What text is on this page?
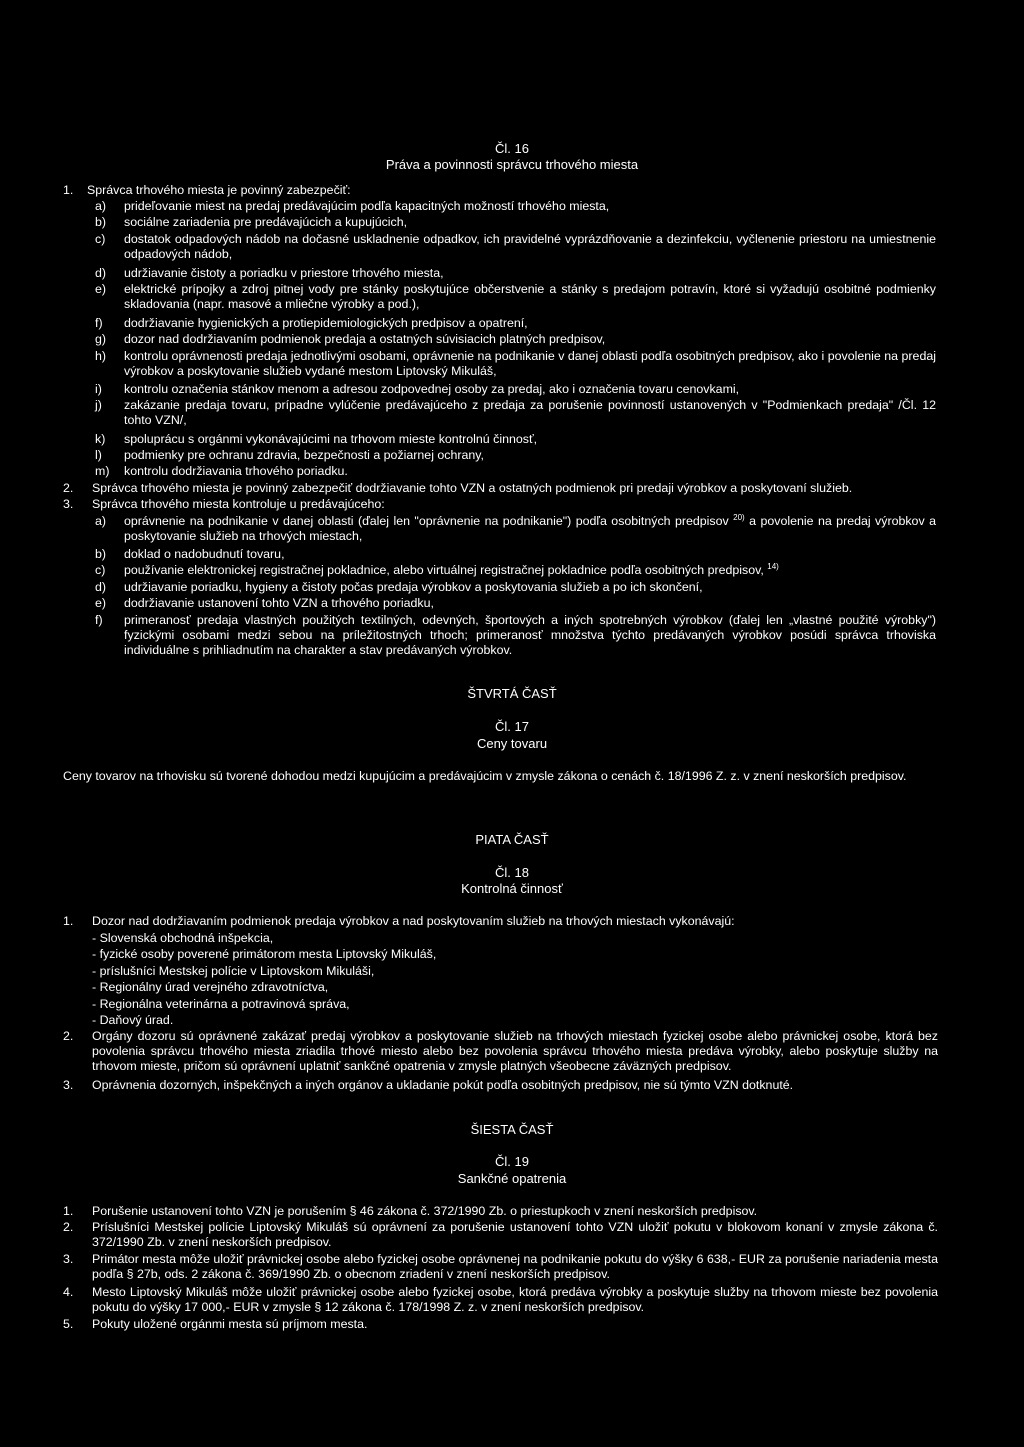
Čl. 16
Práva a povinnosti správcu trhového miesta
1. Správca trhového miesta je povinný zabezpečiť:
a) prideľovanie miest na predaj predávajúcim podľa kapacitných možností trhového miesta,
b) sociálne zariadenia pre predávajúcich a kupujúcich,
c) dostatok odpadových nádob na dočasné uskladnenie odpadkov, ich pravidelné vyprázdňovanie a dezinfekciu, vyčlenenie priestoru na umiestnenie odpadových nádob,
d) udržiavanie čistoty a poriadku v priestore trhového miesta,
e) elektrické prípojky a zdroj pitnej vody pre stánky poskytujúce občerstvenie a stánky s predajom potravín, ktoré si vyžadujú osobitné podmienky skladovania (napr. masové a mliečne výrobky a pod.),
f) dodržiavanie hygienických a protiepidemiologických predpisov a opatrení,
g) dozor nad dodržiavaním podmienok predaja a ostatných súvisiacich platných predpisov,
h) kontrolu oprávnenosti predaja jednotlivými osobami, oprávnenie na podnikanie v danej oblasti podľa osobitných predpisov, ako i povolenie na predaj výrobkov a poskytovanie služieb vydané mestom Liptovský Mikuláš,
i) kontrolu označenia stánkov menom a adresou zodpovednej osoby za predaj, ako i označenia tovaru cenovkami,
j) zakázanie predaja tovaru, prípadne vylúčenie predávajúceho z predaja za porušenie povinností ustanovených v "Podmienkach predaja" /Čl. 12 tohto VZN/,
k) spoluprácu s orgánmi vykonávajúcimi na trhovom mieste kontrolnú činnosť,
l) podmienky pre ochranu zdravia, bezpečnosti a požiarnej ochrany,
m) kontrolu dodržiavania trhového poriadku.
2. Správca trhového miesta je povinný zabezpečiť dodržiavanie tohto VZN a ostatných podmienok pri predaji výrobkov a poskytovaní služieb.
3. Správca trhového miesta kontroluje u predávajúceho:
a) oprávnenie na podnikanie v danej oblasti (ďalej len "oprávnenie na podnikanie") podľa osobitných predpisov $^{20)}$ a povolenie na predaj výrobkov a poskytovanie služieb na trhových miestach,
b) doklad o nadobudnutí tovaru,
c) používanie elektronickej registračnej pokladnice, alebo virtuálnej registračnej pokladnice podľa osobitných predpisov, $^{14)}$
d) udržiavanie poriadku, hygieny a čistoty počas predaja výrobkov a poskytovania služieb a po ich skončení,
e) dodržiavanie ustanovení tohto VZN a trhového poriadku,
f) primeranosť predaja vlastných použitých textilných, odevných, športových a iných spotrebných výrobkov (ďalej len „vlastné použité výrobky") fyzickými osobami medzi sebou na príležitostných trhoch; primeranosť množstva týchto predávaných výrobkov posúdi správca trhoviska individuálne s prihliadnutím na charakter a stav predávaných výrobkov.
ŠTVRTÁ ČASŤ
Čl. 17
Ceny tovaru
Ceny tovarov na trhovisku sú tvorené dohodou medzi kupujúcim a predávajúcim v zmysle zákona o cenách č. 18/1996 Z. z. v znení neskorších predpisov.
PIATA ČASŤ
Čl. 18
Kontrolná činnosť
1. Dozor nad dodržiavaním podmienok predaja výrobkov a nad poskytovaním služieb na trhových miestach vykonávajú:
- Slovenská obchodná inšpekcia,
- fyzické osoby poverené primátorom mesta Liptovský Mikuláš,
- príslušníci Mestskej polície v Liptovskom Mikuláši,
- Regionálny úrad verejného zdravotníctva,
- Regionálna veterinárna a potravinová správa,
- Daňový úrad.
2. Orgány dozoru sú oprávnené zakázať predaj výrobkov a poskytovanie služieb na trhových miestach fyzickej osobe alebo právnickej osobe, ktorá bez povolenia správcu trhového miesta zriadila trhové miesto alebo bez povolenia správcu trhového miesta predáva výrobky, alebo poskytuje služby na trhovom mieste, pričom sú oprávnení uplatniť sankčné opatrenia v zmysle platných všeobecne záväzných predpisov.
3. Oprávnenia dozorných, inšpekčných a iných orgánov a ukladanie pokút podľa osobitných predpisov, nie sú týmto VZN dotknuté.
ŠIESTA ČASŤ
Čl. 19
Sankčné opatrenia
1. Porušenie ustanovení tohto VZN je porušením § 46 zákona č. 372/1990 Zb. o priestupkoch v znení neskorších predpisov.
2. Príslušníci Mestskej polície Liptovský Mikuláš sú oprávnení za porušenie ustanovení tohto VZN uložiť pokutu v blokovom konaní v zmysle zákona č. 372/1990 Zb. v znení neskorších predpisov.
3. Primátor mesta môže uložiť právnickej osobe alebo fyzickej osobe oprávnenej na podnikanie pokutu do výšky 6 638,- EUR za porušenie nariadenia mesta podľa § 27b, ods. 2 zákona č. 369/1990 Zb. o obecnom zriadení v znení neskorších predpisov.
4. Mesto Liptovský Mikuláš môže uložiť právnickej osobe alebo fyzickej osobe, ktorá predáva výrobky a poskytuje služby na trhovom mieste bez povolenia pokutu do výšky 17 000,- EUR v zmysle § 12 zákona č. 178/1998 Z. z. v znení neskorších predpisov.
5. Pokuty uložené orgánmi mesta sú príjmom mesta.
